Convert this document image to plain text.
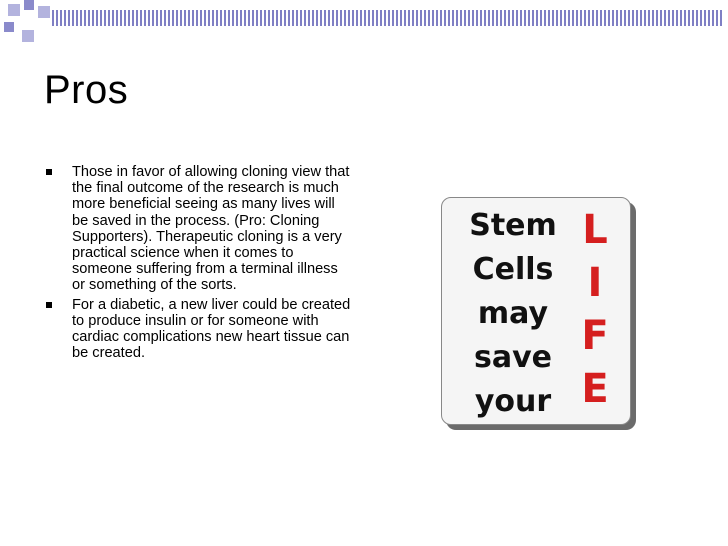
Pros
Those in favor of allowing cloning view that the final outcome of the research is much more beneficial seeing as many lives will be saved in the process. (Pro: Cloning Supporters). Therapeutic cloning is a very practical science when it comes to someone suffering from a terminal illness or something of the sorts.
For a diabetic, a new liver could be created to produce insulin or for someone with cardiac complications new heart tissue can be created.
Stem
Cells
may
save
your
L
I
F
E
